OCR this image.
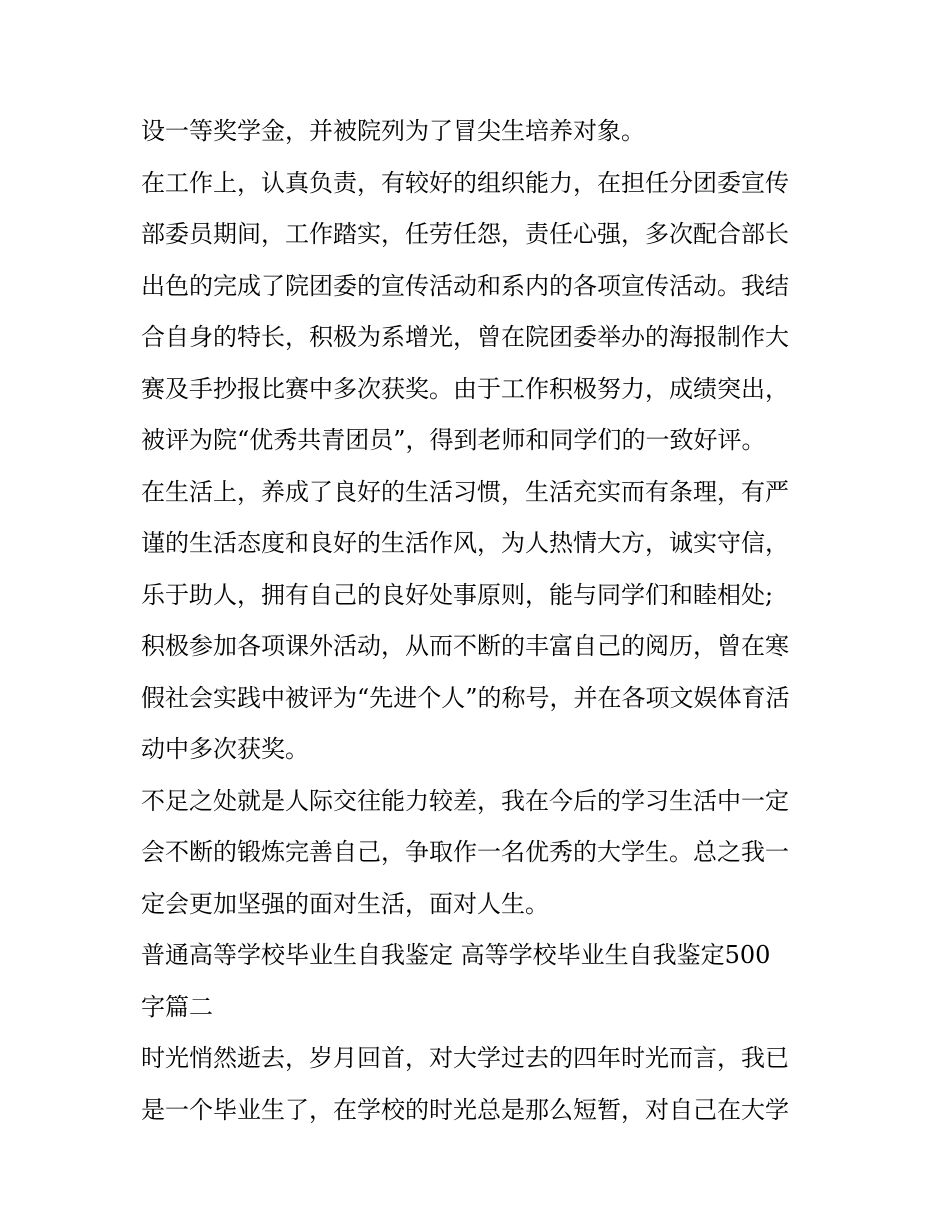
设一等奖学金，并被院列为了冒尖生培养对象。
在工作上，认真负责，有较好的组织能力，在担任分团委宣传
部委员期间，工作踏实，任劳任怨，责任心强，多次配合部长
出色的完成了院团委的宣传活动和系内的各项宣传活动。我结
合自身的特长，积极为系增光，曾在院团委举办的海报制作大
赛及手抄报比赛中多次获奖。由于工作积极努力，成绩突出，
被评为院“优秀共青团员”，得到老师和同学们的一致好评。
在生活上，养成了良好的生活习惯，生活充实而有条理，有严
谨的生活态度和良好的生活作风，为人热情大方，诚实守信，
乐于助人，拥有自己的良好处事原则，能与同学们和睦相处;
积极参加各项课外活动，从而不断的丰富自己的阅历，曾在寒
假社会实践中被评为“先进个人”的称号，并在各项文娱体育活
动中多次获奖。
不足之处就是人际交往能力较差，我在今后的学习生活中一定
会不断的锻炼完善自己，争取作一名优秀的大学生。总之我一
定会更加坚强的面对生活，面对人生。
普通高等学校毕业生自我鉴定 高等学校毕业生自我鉴定500
字篇二
时光悄然逝去，岁月回首，对大学过去的四年时光而言，我已
是一个毕业生了，在学校的时光总是那么短暂，对自己在大学
